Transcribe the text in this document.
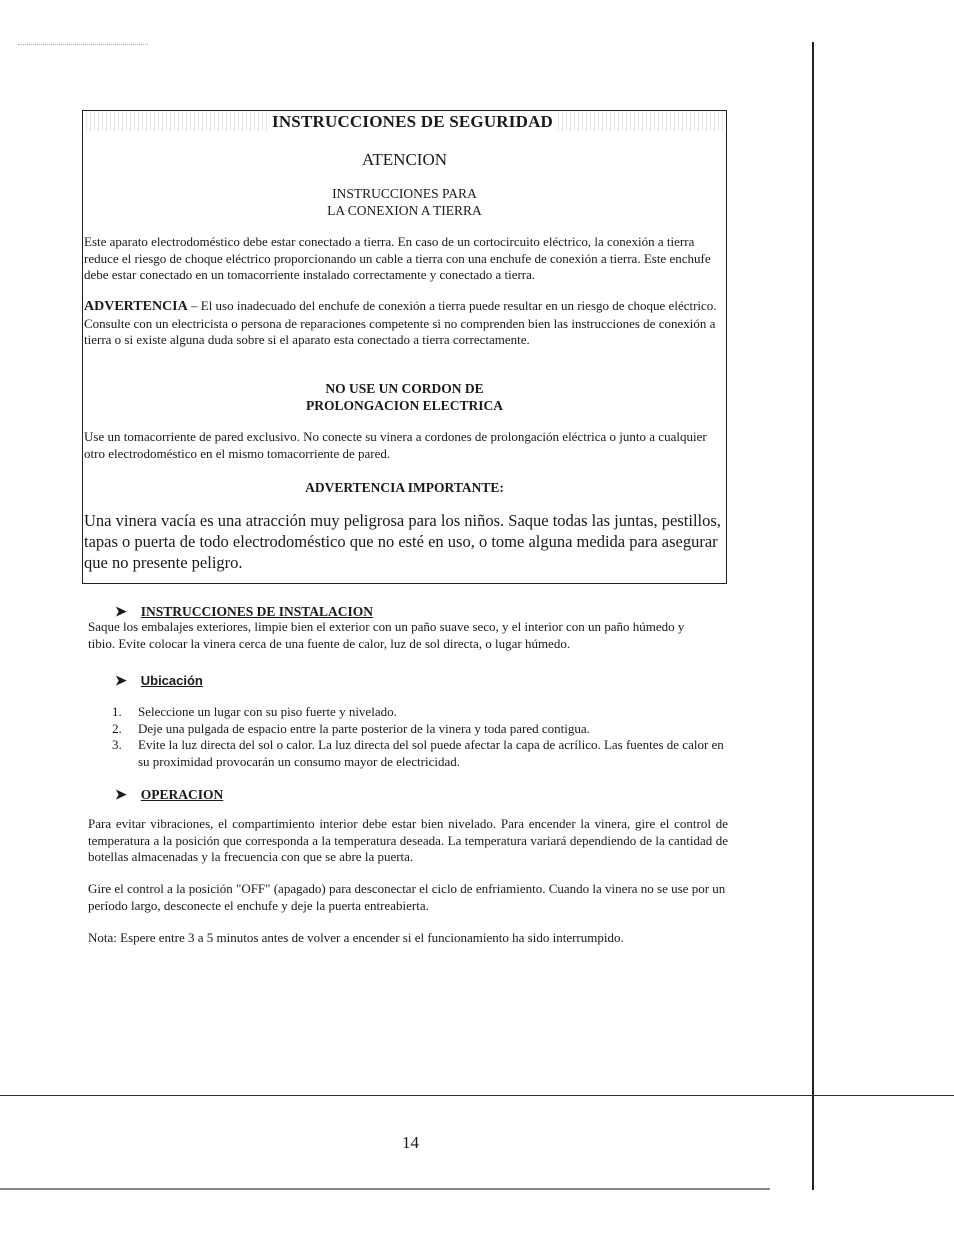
INSTRUCCIONES DE SEGURIDAD
ATENCION
INSTRUCCIONES PARA
LA CONEXION A TIERRA
Este aparato electrodoméstico debe estar conectado a tierra. En caso de un cortocircuito eléctrico, la conexión a tierra reduce el riesgo de choque eléctrico proporcionando un cable a tierra con una enchufe de conexión a tierra. Este enchufe debe estar conectado en un tomacorriente instalado correctamente y conectado a tierra.
ADVERTENCIA – El uso inadecuado del enchufe de conexión a tierra puede resultar en un riesgo de choque eléctrico. Consulte con un electricista o persona de reparaciones competente si no comprenden bien las instrucciones de conexión a tierra o si existe alguna duda sobre si el aparato esta conectado a tierra correctamente.
NO USE UN CORDON DE
PROLONGACION ELECTRICA
Use un tomacorriente de pared exclusivo. No conecte su vinera a cordones de prolongación eléctrica o junto a cualquier otro electrodoméstico en el mismo tomacorriente de pared.
ADVERTENCIA IMPORTANTE:
Una vinera vacía es una atracción muy peligrosa para los niños. Saque todas las juntas, pestillos, tapas o puerta de todo electrodoméstico que no esté en uso, o tome alguna medida para asegurar que no presente peligro.
➤ INSTRUCCIONES DE INSTALACION
Saque los embalajes exteriores, limpie bien el exterior con un paño suave seco, y el interior con un paño húmedo y tibio. Evite colocar la vinera cerca de una fuente de calor, luz de sol directa, o lugar húmedo.
➤ Ubicación
1. Seleccione un lugar con su piso fuerte y nivelado.
2. Deje una pulgada de espacio entre la parte posterior de la vinera y toda pared contigua.
3. Evite la luz directa del sol o calor. La luz directa del sol puede afectar la capa de acrílico. Las fuentes de calor en su proximidad provocarán un consumo mayor de electricidad.
➤ OPERACION
Para evitar vibraciones, el compartimiento interior debe estar bien nivelado. Para encender la vinera, gire el control de temperatura a la posición que corresponda a la temperatura deseada. La temperatura variará dependiendo de la cantidad de botellas almacenadas y la frecuencia con que se abre la puerta.
Gire el control a la posición "OFF" (apagado) para desconectar el ciclo de enfriamiento. Cuando la vinera no se use por un período largo, desconecte el enchufe y deje la puerta entreabierta.
Nota: Espere entre 3 a 5 minutos antes de volver a encender si el funcionamiento ha sido interrumpido.
14
